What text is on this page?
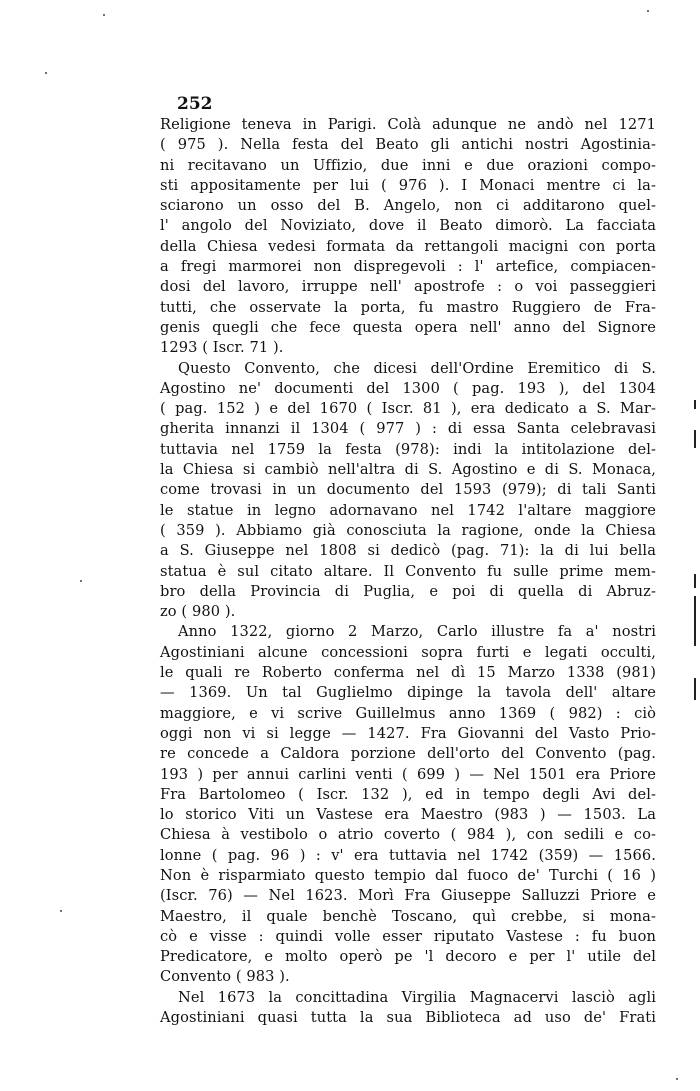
252
Religione teneva in Parigi. Colà adunque ne andò nel 1271
( 975 ). Nella festa del Beato gli antichi nostri Agostinia-
ni recitavano un Uffizio, due inni e due orazioni compo-
sti appositamente per lui ( 976 ). I Monaci mentre ci la-
sciarono un osso del B. Angelo, non ci additarono quel-
l' angolo del Noviziato, dove il Beato dimorò. La facciata
della Chiesa vedesi formata da rettangoli macigni con porta
a fregi marmorei non dispregevoli : l' artefice, compiacen-
dosi del lavoro, irruppe nell' apostrofe : o voi passeggieri
tutti, che osservate la porta, fu mastro Ruggiero de Fra-
genis quegli che fece questa opera nell' anno del Signore
1293 ( Iscr. 71 ).
Questo Convento, che dicesi dell'Ordine Eremitico di S.
Agostino ne' documenti del 1300 ( pag. 193 ), del 1304
( pag. 152 ) e del 1670 ( Iscr. 81 ), era dedicato a S. Mar-
gherita innanzi il 1304 ( 977 ) : di essa Santa celebravasi
tuttavia nel 1759 la festa (978): indi la intitolazione del-
la Chiesa si cambiò nell'altra di S. Agostino e di S. Monaca,
come trovasi in un documento del 1593 (979); di tali Santi
le statue in legno adornavano nel 1742 l'altare maggiore
( 359 ). Abbiamo già conosciuta la ragione, onde la Chiesa
a S. Giuseppe nel 1808 si dedicò (pag. 71): la di lui bella
statua è sul citato altare. Il Convento fu sulle prime mem-
bro della Provincia di Puglia, e poi di quella di Abruz-
zo ( 980 ).
Anno 1322, giorno 2 Marzo, Carlo illustre fa a' nostri
Agostiniani alcune concessioni sopra furti e legati occulti,
le quali re Roberto conferma nel dì 15 Marzo 1338 (981)
— 1369. Un tal Guglielmo dipinge la tavola dell' altare
maggiore, e vi scrive Guillelmus anno 1369 ( 982) : ciò
oggi non vi si legge — 1427. Fra Giovanni del Vasto Prio-
re concede a Caldora porzione dell'orto del Convento (pag.
193 ) per annui carlini venti ( 699 ) — Nel 1501 era Priore
Fra Bartolomeo ( Iscr. 132 ), ed in tempo degli Avi del-
lo storico Viti un Vastese era Maestro (983 ) — 1503. La
Chiesa à vestibolo o atrio coverto ( 984 ), con sedili e co-
lonne ( pag. 96 ) : v' era tuttavia nel 1742 (359) — 1566.
Non è risparmiato questo tempio dal fuoco de' Turchi ( 16 )
(Iscr. 76) — Nel 1623. Morì Fra Giuseppe Salluzzi Priore e
Maestro, il quale benchè Toscano, quì crebbe, si mona-
cò e visse : quindi volle esser riputato Vastese : fu buon
Predicatore, e molto operò pe 'l decoro e per l' utile del
Convento ( 983 ).
Nel 1673 la concittadina Virgilia Magnacervi lasciò agli
Agostiniani quasi tutta la sua Biblioteca ad uso de' Frati
